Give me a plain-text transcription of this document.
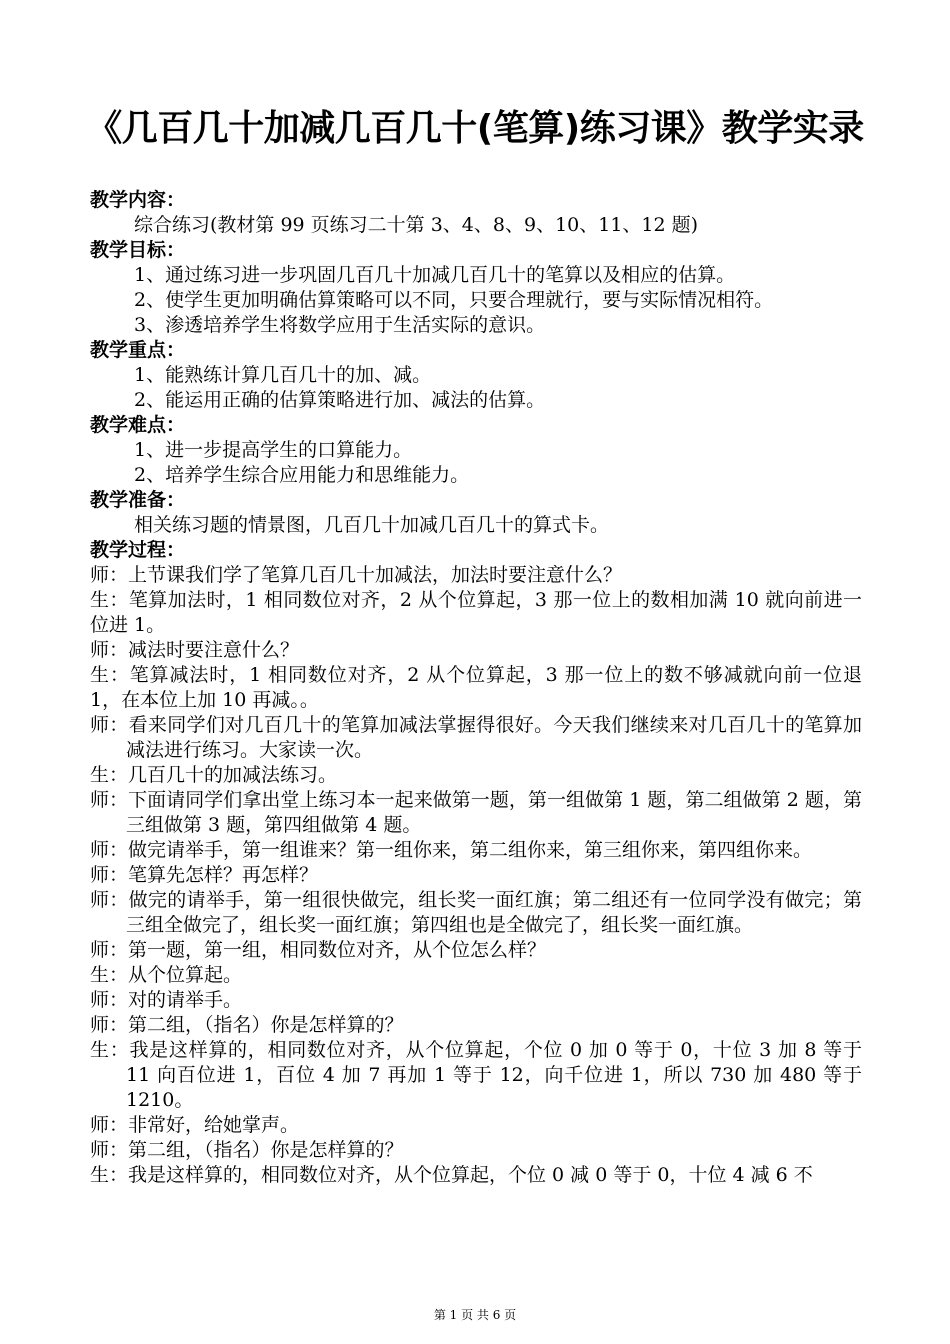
《几百几十加减几百几十(笔算)练习课》教学实录
教学内容：
综合练习(教材第 99 页练习二十第 3、4、8、9、10、11、12 题)
教学目标：
1、通过练习进一步巩固几百几十加减几百几十的笔算以及相应的估算。
2、使学生更加明确估算策略可以不同，只要合理就行，要与实际情况相符。
3、渗透培养学生将数学应用于生活实际的意识。
教学重点：
1、能熟练计算几百几十的加、减。
2、能运用正确的估算策略进行加、减法的估算。
教学难点：
1、进一步提高学生的口算能力。
2、培养学生综合应用能力和思维能力。
教学准备：
相关练习题的情景图，几百几十加减几百几十的算式卡。
教学过程：
师：上节课我们学了笔算几百几十加减法，加法时要注意什么？
生：笔算加法时，1 相同数位对齐，2 从个位算起，3 那一位上的数相加满 10 就向前进一位进 1。
师：减法时要注意什么？
生：笔算减法时，1 相同数位对齐，2 从个位算起，3 那一位上的数不够减就向前一位退 1，在本位上加 10 再减。。
师：看来同学们对几百几十的笔算加减法掌握得很好。今天我们继续来对几百几十的笔算加减法进行练习。大家读一次。
生：几百几十的加减法练习。
师：下面请同学们拿出堂上练习本一起来做第一题，第一组做第 1 题，第二组做第 2 题，第三组做第 3 题，第四组做第 4 题。
师：做完请举手，第一组谁来？第一组你来，第二组你来，第三组你来，第四组你来。
师：笔算先怎样？再怎样？
师：做完的请举手，第一组很快做完，组长奖一面红旗；第二组还有一位同学没有做完；第三组全做完了，组长奖一面红旗；第四组也是全做完了，组长奖一面红旗。
师：第一题，第一组，相同数位对齐，从个位怎么样？
生：从个位算起。
师：对的请举手。
师：第二组，（指名）你是怎样算的？
生：我是这样算的，相同数位对齐，从个位算起，个位 0 加 0 等于 0，十位 3 加 8 等于 11 向百位进 1，百位 4 加 7 再加 1 等于 12，向千位进 1，所以 730 加 480 等于 1210。
师：非常好，给她掌声。
师：第二组，（指名）你是怎样算的？
生：我是这样算的，相同数位对齐，从个位算起，个位 0 减 0 等于 0，十位 4 减 6 不
第 1 页 共 6 页
